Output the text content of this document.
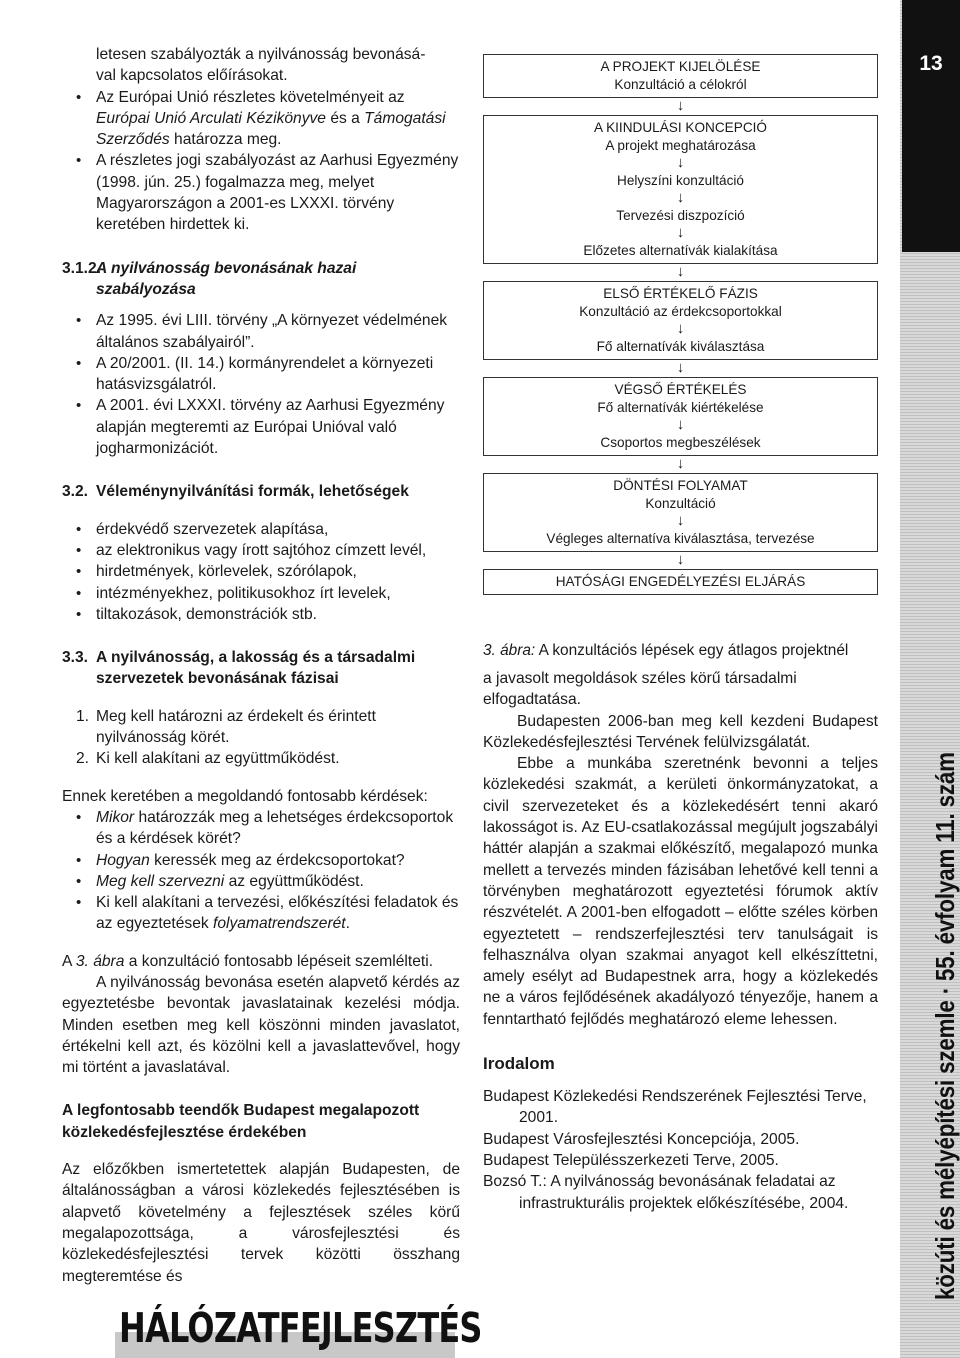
letesen szabályozták a nyilvánosság bevonásá-

val kapcsolatos előírásokat.

• Az Európai Unió részletes követelményeit az Európai Unió Arculati Kézikönyve és a Támogatási Szerződés határozza meg.
• A részletes jogi szabályozást az Aarhusi Egyezmény (1998. jún. 25.) fogalmazza meg, melyet Magyarországon a 2001-es LXXXI. törvény keretében hirdettek ki.

3.1.2.A nyilvánosság bevonásának hazai
szabályozása

• Az 1995. évi LIII. törvény „A környezet védelmének általános szabályairól”.
• A 20/2001. (II. 14.) kormányrendelet a környezeti hatásvizsgálatról.
• A 2001. évi LXXXI. törvény az Aarhusi Egyezmény alapján megteremti az Európai Unióval való jogharmonizációt.

3.2. Véleménynyilvánítási formák, lehetőségek

• érdekvédő szervezetek alapítása,
• az elektronikus vagy írott sajtóhoz címzett levél,
• hirdetmények, körlevelek, szórólapok,
• intézményekhez, politikusokhoz írt levelek,
• tiltakozások, demonstrációk stb.

3.3. A nyilvánosság, a lakosság és a társadalmi
szervezetek bevonásának fázisai

1. Meg kell határozni az érdekelt és érintett nyilvánosság körét.
2. Ki kell alakítani az együttműködést.

Ennek keretében a megoldandó fontosabb kérdések:

• Mikor határozzák meg a lehetséges érdekcsoportok és a kérdések körét?
• Hogyan keressék meg az érdekcsoportokat?
• Meg kell szervezni az együttműködést.
• Ki kell alakítani a tervezési, előkészítési feladatok és az egyeztetések folyamatrendszerét.

A 3. ábra a konzultáció fontosabb lépéseit szemlélteti.

A nyilvánosság bevonása esetén alapvető kérdés az egyeztetésbe bevontak javaslatainak kezelési módja. Minden esetben meg kell köszönni minden javaslatot, értékelni kell azt, és közölni kell a javaslattevővel, hogy mi történt a javaslatával.

A legfontosabb teendők Budapest megalapozott
közlekedésfejlesztése érdekében

Az előzőkben ismertetettek alapján Budapesten, de általánosságban a városi közlekedés fejlesztésében is alapvető követelmény a fejlesztések széles körű megalapozottsága, a városfejlesztési és közlekedésfejlesztési tervek közötti összhang megteremtése és

A PROJEKT KIJELÖLÉSE
Konzultáció a célokról
↓
A KIINDULÁSI KONCEPCIÓ
A projekt meghatározása
↓
Helyszíni konzultáció
↓
Tervezési diszpozíció
↓
Előzetes alternatívák kialakítása
↓
ELSŐ ÉRTÉKELŐ FÁZIS
Konzultáció az érdekcsoportokkal
↓
Fő alternatívák kiválasztása
↓
VÉGSŐ ÉRTÉKELÉS
Fő alternatívák kiértékelése
↓
Csoportos megbeszélések
↓
DÖNTÉSI FOLYAMAT
Konzultáció
↓
Végleges alternatíva kiválasztása, tervezése
↓
HATÓSÁGI ENGEDÉLYEZÉSI ELJÁRÁS

3. ábra: A konzultációs lépések egy átlagos projektnél

a javasolt megoldások széles körű társadalmi elfogadtatása.

Budapesten 2006-ban meg kell kezdeni Budapest Közlekedésfejlesztési Tervének felülvizsgálatát.

Ebbe a munkába szeretnénk bevonni a teljes közlekedési szakmát, a kerületi önkormányzatokat, a civil szervezeteket és a közlekedésért tenni akaró lakosságot is. Az EU-csatlakozással megújult jogszabályi háttér alapján a szakmai előkészítő, megalapozó munka mellett a tervezés minden fázisában lehetővé kell tenni a törvényben meghatározott egyeztetési fórumok aktív részvételét. A 2001-ben elfogadott – előtte széles körben egyeztetett – rendszerfejlesztési terv tanulságait is felhasználva olyan szakmai anyagot kell elkészíttetni, amely esélyt ad Budapestnek arra, hogy a közlekedés ne a város fejlődésének akadályozó tényezője, hanem a fenntartható fejlődés meghatározó eleme lehessen.

Irodalom

Budapest Közlekedési Rendszerének Fejlesztési Terve, 2001.

Budapest Városfejlesztési Koncepciója, 2005.

Budapest Településszerkezeti Terve, 2005.

Bozsó T.: A nyilvánosság bevonásának feladatai az infrastrukturális projektek előkészítésébe, 2004.

13
közúti és mélyépítési szemle · 55. évfolyam 11. szám
HÁLÓZATFEJLESZTÉS
